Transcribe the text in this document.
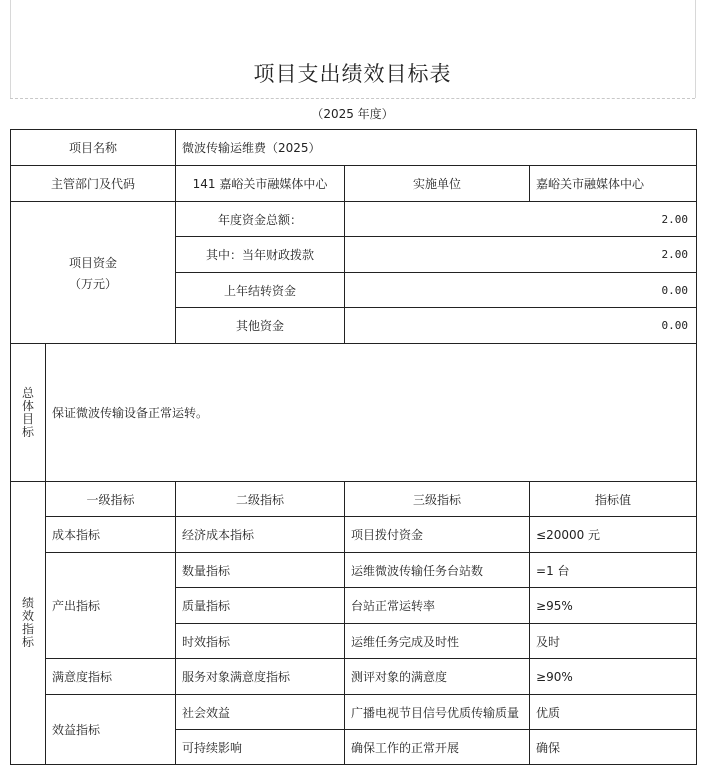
项目支出绩效目标表
（2025 年度）
项目名称		微波传输运维费（2025）		
主管部门及代码		141 嘉峪关市融媒体中心	实施单位	嘉峪关市融媒体中心

项目资金
（万元）		年度资金总额：	2.00	
		其中：当年财政拨款	2.00	
		上年结转资金	0.00	
		其他资金	0.00	

总
体
目
标	保证微波传输设备正常运转。			

绩
效
指
标	一级指标	二级指标	三级指标	指标值
	成本指标	经济成本指标	项目拨付资金	≤20000 元
	产出指标	数量指标	运维微波传输任务台站数	=1 台
		质量指标	台站正常运转率	≥95%
		时效指标	运维任务完成及时性	及时
	满意度指标	服务对象满意度指标	测评对象的满意度	≥90%
	效益指标	社会效益	广播电视节目信号优质传输质量	优质
		可持续影响	确保工作的正常开展	确保
